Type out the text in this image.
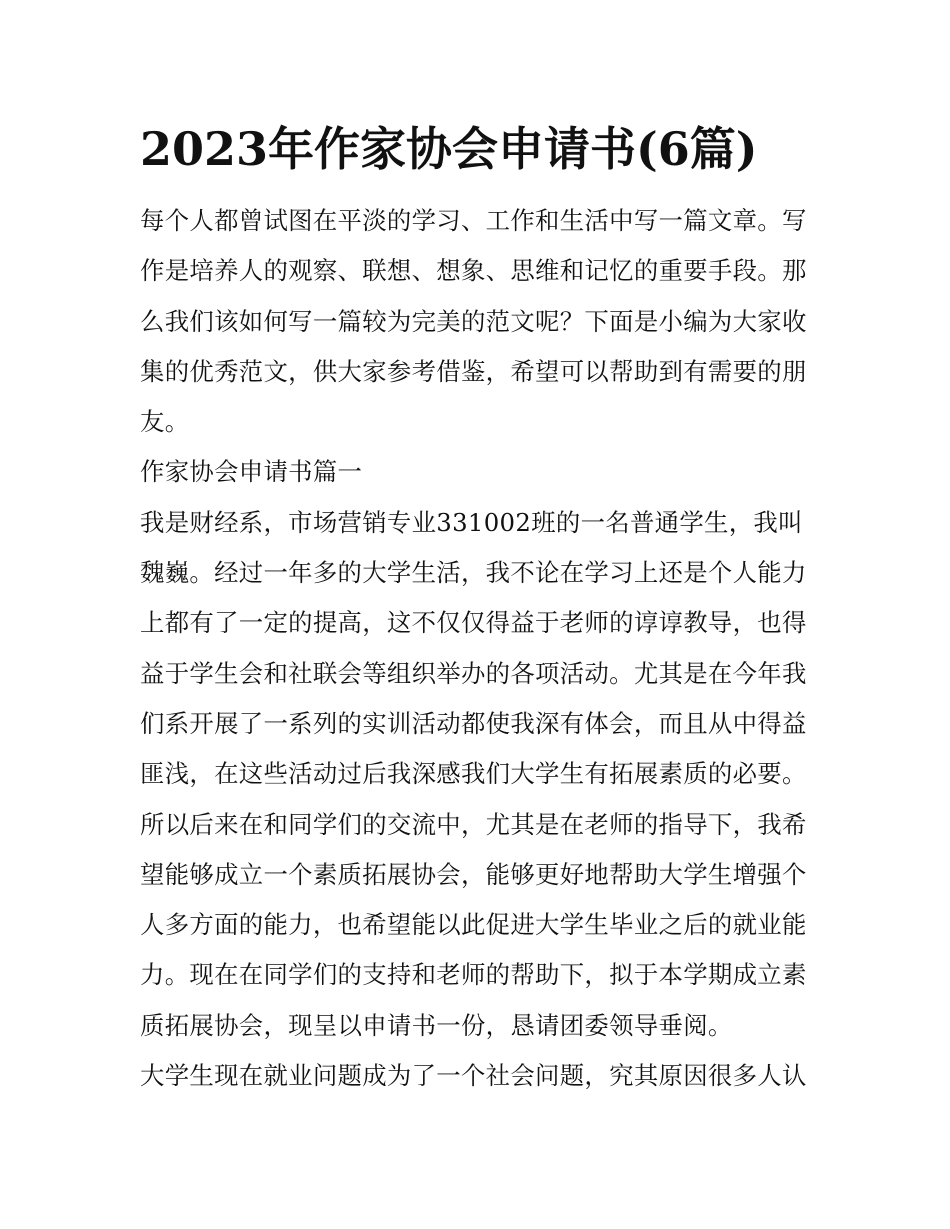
2023年作家协会申请书(6篇)
每个人都曾试图在平淡的学习、工作和生活中写一篇文章。写
作是培养人的观察、联想、想象、思维和记忆的重要手段。那
么我们该如何写一篇较为完美的范文呢？下面是小编为大家收
集的优秀范文，供大家参考借鉴，希望可以帮助到有需要的朋
友。
作家协会申请书篇一
我是财经系，市场营销专业331002班的一名普通学生，我叫
魏巍。经过一年多的大学生活，我不论在学习上还是个人能力
上都有了一定的提高，这不仅仅得益于老师的谆谆教导，也得
益于学生会和社联会等组织举办的各项活动。尤其是在今年我
们系开展了一系列的实训活动都使我深有体会，而且从中得益
匪浅，在这些活动过后我深感我们大学生有拓展素质的必要。
所以后来在和同学们的交流中，尤其是在老师的指导下，我希
望能够成立一个素质拓展协会，能够更好地帮助大学生增强个
人多方面的能力，也希望能以此促进大学生毕业之后的就业能
力。现在在同学们的支持和老师的帮助下，拟于本学期成立素
质拓展协会，现呈以申请书一份，恳请团委领导垂阅。
大学生现在就业问题成为了一个社会问题，究其原因很多人认
